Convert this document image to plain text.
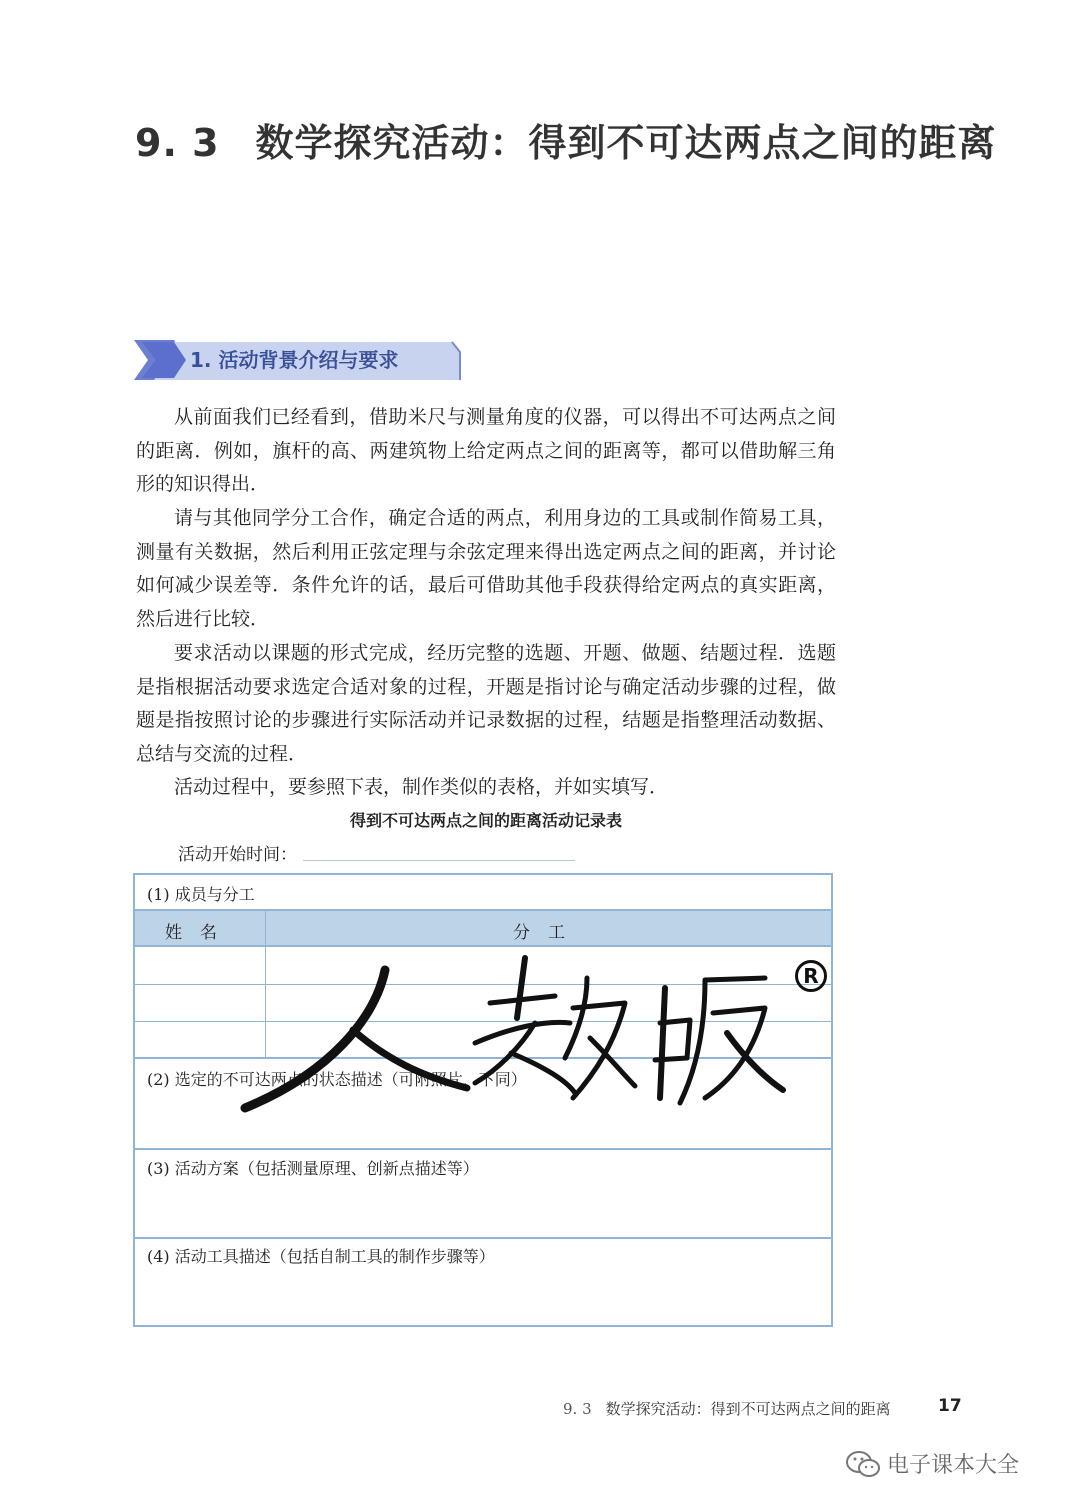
9. 3 数学探究活动：得到不可达两点之间的距离
1. 活动背景介绍与要求

从前面我们已经看到，借助米尺与测量角度的仪器，可以得出不可达两点之间的距离．例如，旗杆的高、两建筑物上给定两点之间的距离等，都可以借助解三角形的知识得出．

请与其他同学分工合作，确定合适的两点，利用身边的工具或制作简易工具，测量有关数据，然后利用正弦定理与余弦定理来得出选定两点之间的距离，并讨论如何减少误差等．条件允许的话，最后可借助其他手段获得给定两点的真实距离，然后进行比较．

要求活动以课题的形式完成，经历完整的选题、开题、做题、结题过程．选题是指根据活动要求选定合适对象的过程，开题是指讨论与确定活动步骤的过程，做题是指按照讨论的步骤进行实际活动并记录数据的过程，结题是指整理活动数据、总结与交流的过程．

活动过程中，要参照下表，制作类似的表格，并如实填写．

得到不可达两点之间的距离活动记录表
活动开始时间：
(1) 成员与分工
姓名	分工
(2) 选定的不可达两点的状态描述（可附照片，下同）
(3) 活动方案（包括测量原理、创新点描述等）
(4) 活动工具描述（包括自制工具的制作步骤等）
R
9. 3 数学探究活动：得到不可达两点之间的距离	17
电子课本大全
